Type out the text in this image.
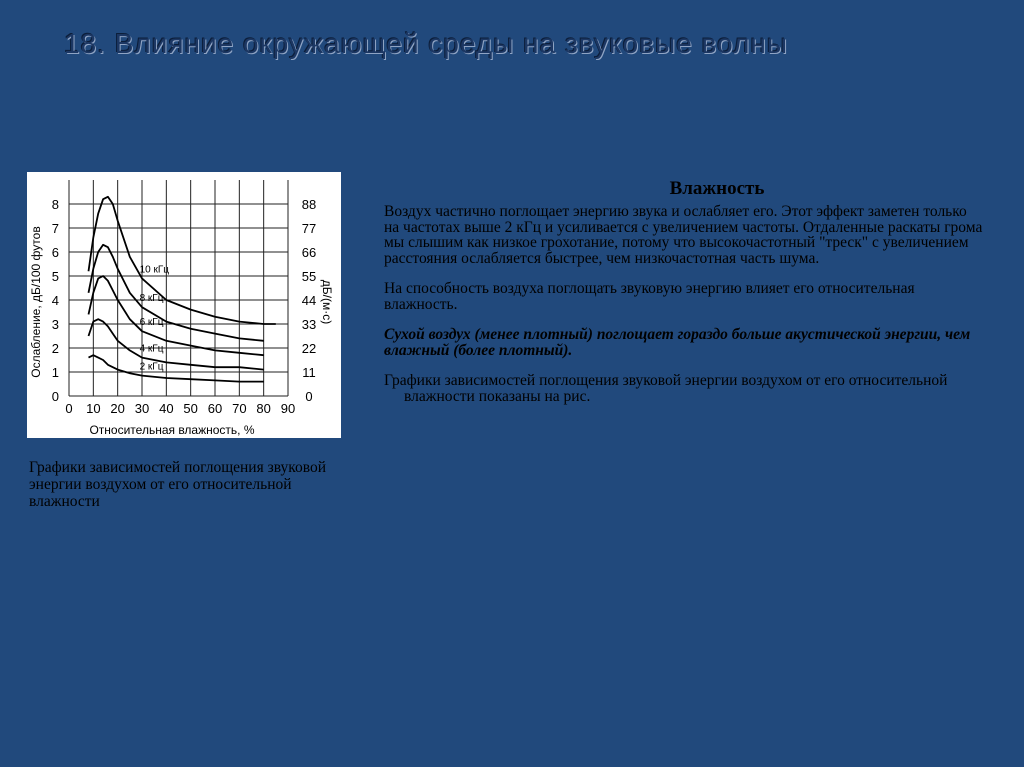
18. Влияние окружающей среды на звуковые волны
10 кГц
8 кГц
6 кГц
4 кГц
2 кГц
0 10 20 30 40 50 60 70 80 90
0	0
1	11
2	22
3	33
4	44
5	55
6	66
7	77
8	88
Относительная влажность, %
Ослабление, дБ/100 футов	дБ/(м·с)
Графики зависимостей поглощения звуковой энергии воздухом от его относительной влажности
Влажность

Воздух частично поглощает энергию звука и ослабляет его. Этот эффект заметен только на частотах выше 2 кГц и усиливается с увеличением частоты. Отдаленные раскаты грома мы слышим как низкое грохотание, потому что высокочастотный "треск" с увеличением расстояния ослабляется быстрее, чем низкочастотная часть шума.

На способность воздуха поглощать звуковую энергию влияет его относительная влажность.

Сухой воздух (менее плотный) поглощает гораздо больше акустической энергии, чем влажный (более плотный).

Графики зависимостей поглощения звуковой энергии воздухом от его относительной влажности показаны на рис.
